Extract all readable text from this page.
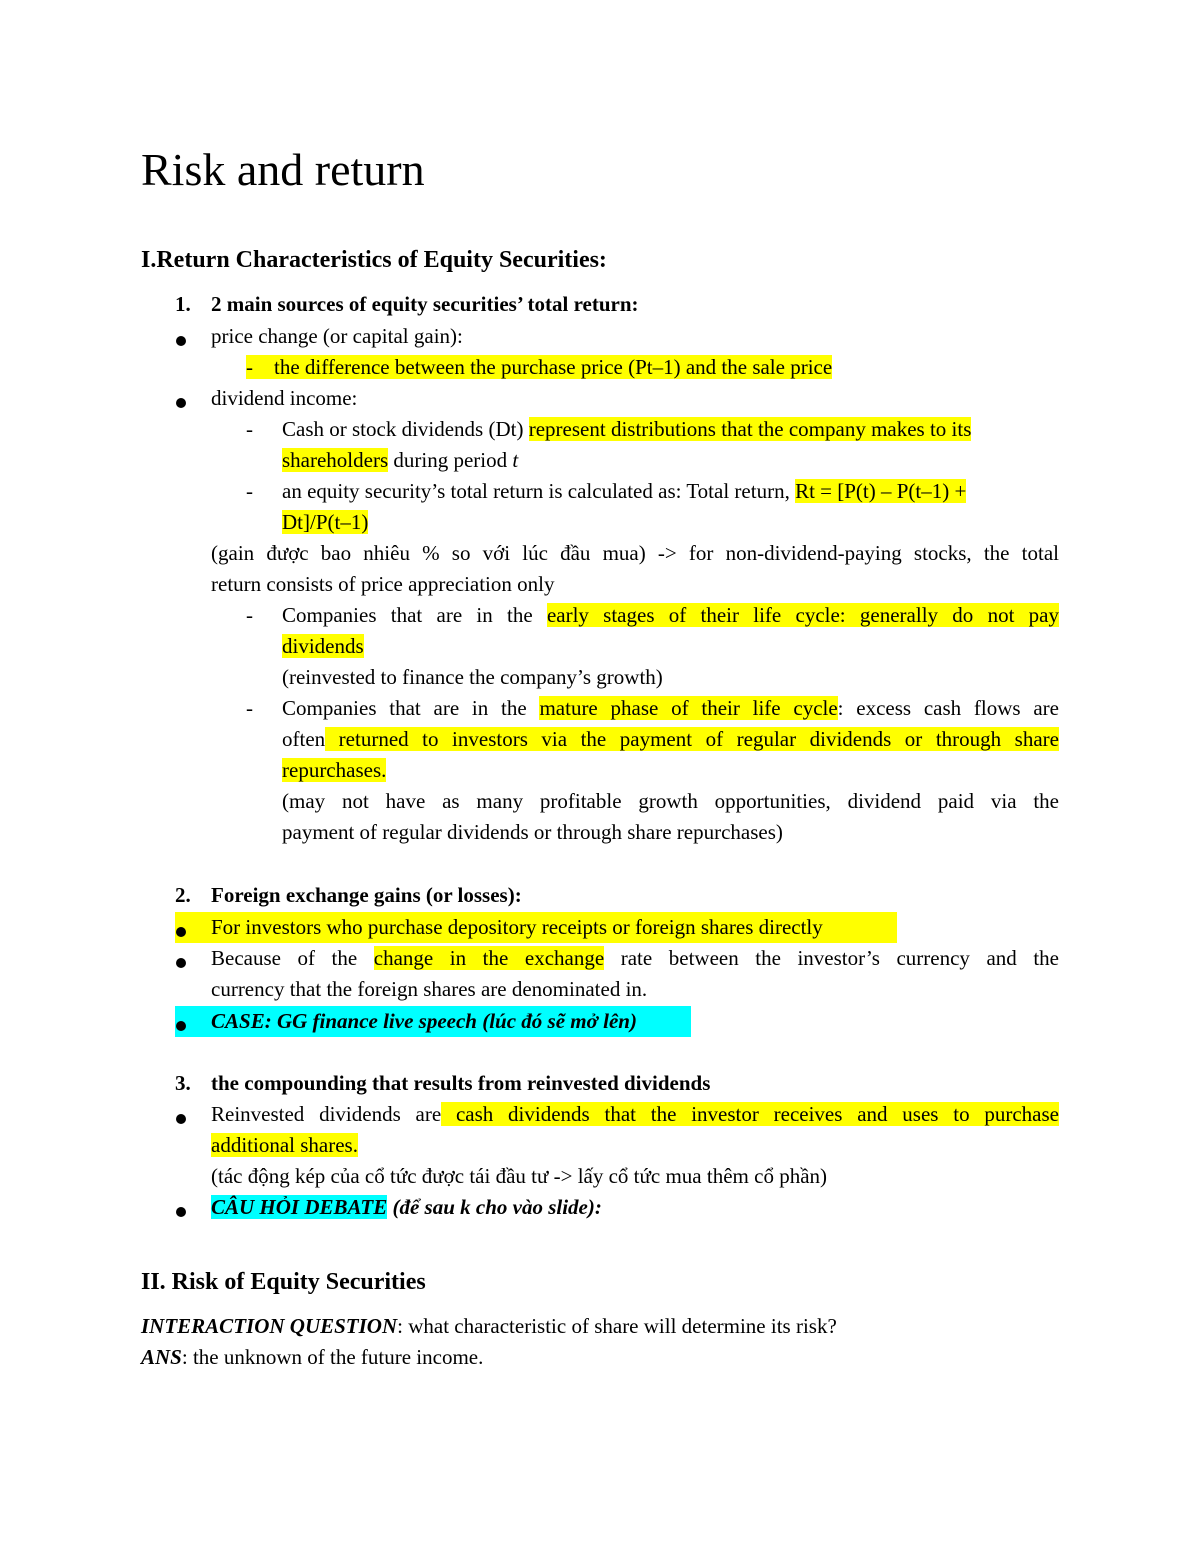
Risk and return
I.Return Characteristics of Equity Securities:
1. 2 main sources of equity securities’ total return:
price change (or capital gain):
-    the difference between the purchase price (Pt–1) and the sale price
dividend income:
- Cash or stock dividends (Dt) represent distributions that the company makes to its
shareholders during period t
- an equity security’s total return is calculated as: Total return, Rt = [P(t) – P(t–1) +
Dt]/P(t–1)
(gain được bao nhiêu % so với lúc đầu mua) -> for non-dividend-paying stocks, the total
return consists of price appreciation only
- Companies that are in the early stages of their life cycle: generally do not pay
dividends
(reinvested to finance the company’s growth)
- Companies that are in the mature phase of their life cycle: excess cash flows are
often returned to investors via the payment of regular dividends or through share
repurchases.
(may not have as many profitable growth opportunities, dividend paid via the
payment of regular dividends or through share repurchases)
2. Foreign exchange gains (or losses):
For investors who purchase depository receipts or foreign shares directly
Because of the change in the exchange rate between the investor’s currency and the
currency that the foreign shares are denominated in.
CASE: GG finance live speech (lúc đó sẽ mở lên)
3. the compounding that results from reinvested dividends
Reinvested dividends are cash dividends that the investor receives and uses to purchase
additional shares.
(tác động kép của cổ tức được tái đầu tư -> lấy cổ tức mua thêm cổ phần)
CÂU HỎI DEBATE (để sau k cho vào slide):
II. Risk of Equity Securities
INTERACTION QUESTION: what characteristic of share will determine its risk?
ANS: the unknown of the future income.
